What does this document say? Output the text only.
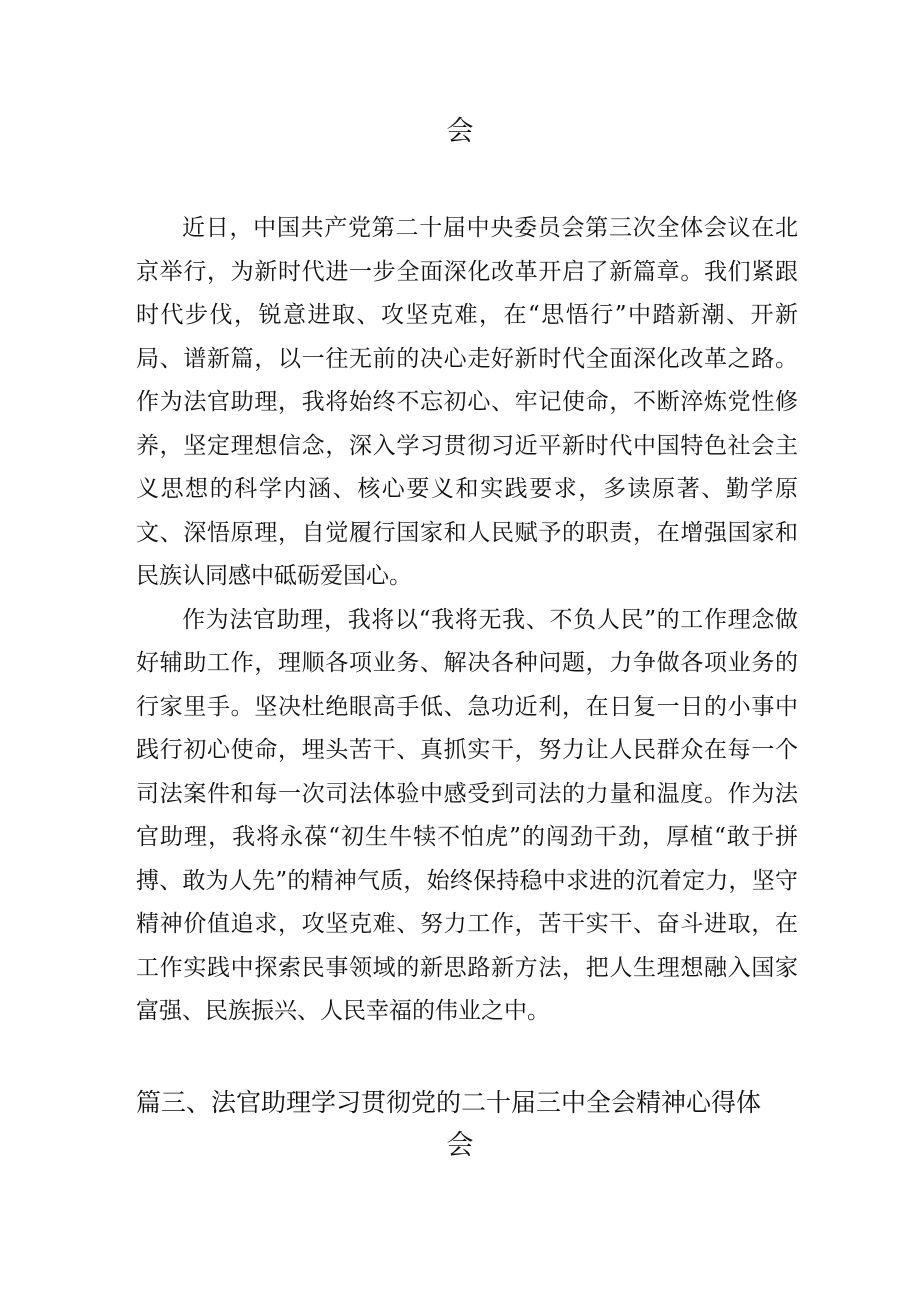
会

近日，中国共产党第二十届中央委员会第三次全体会议在北京举行，为新时代进一步全面深化改革开启了新篇章。我们紧跟时代步伐，锐意进取、攻坚克难，在“思悟行”中踏新潮、开新局、谱新篇，以一往无前的决心走好新时代全面深化改革之路。作为法官助理，我将始终不忘初心、牢记使命，不断淬炼党性修养，坚定理想信念，深入学习贯彻习近平新时代中国特色社会主义思想的科学内涵、核心要义和实践要求，多读原著、勤学原文、深悟原理，自觉履行国家和人民赋予的职责，在增强国家和民族认同感中砥砺爱国心。

作为法官助理，我将以“我将无我、不负人民”的工作理念做好辅助工作，理顺各项业务、解决各种问题，力争做各项业务的行家里手。坚决杜绝眼高手低、急功近利，在日复一日的小事中践行初心使命，埋头苦干、真抓实干，努力让人民群众在每一个司法案件和每一次司法体验中感受到司法的力量和温度。作为法官助理，我将永葆“初生牛犊不怕虎”的闯劲干劲，厚植“敢于拼搏、敢为人先”的精神气质，始终保持稳中求进的沉着定力，坚守精神价值追求，攻坚克难、努力工作，苦干实干、奋斗进取，在工作实践中探索民事领域的新思路新方法，把人生理想融入国家富强、民族振兴、人民幸福的伟业之中。

篇三、法官助理学习贯彻党的二十届三中全会精神心得体
会
